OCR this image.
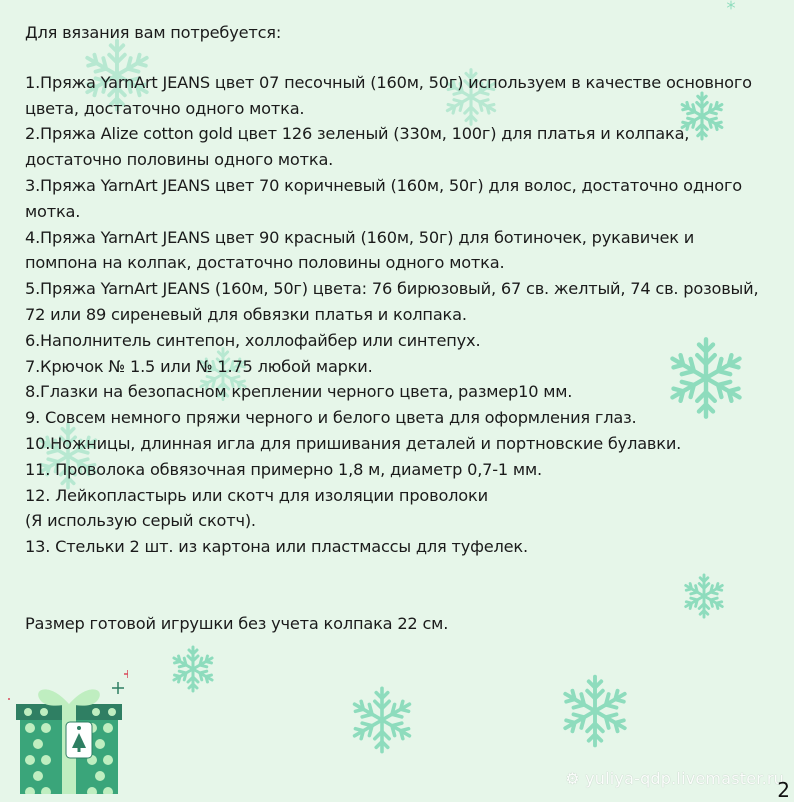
Для вязания вам потребуется:

1.Пряжа YarnArt JEANS цвет 07 песочный (160м, 50г) используем в качестве основного цвета, достаточно одного мотка.

2.Пряжа Alize cotton gold цвет 126 зеленый (330м, 100г) для платья и колпака, достаточно половины одного мотка.

3.Пряжа YarnArt JEANS цвет 70 коричневый (160м, 50г) для волос, достаточно одного мотка.

4.Пряжа YarnArt JEANS цвет 90 красный (160м, 50г) для ботиночек, рукавичек и помпона на колпак, достаточно половины одного мотка.

5.Пряжа YarnArt JEANS (160м, 50г) цвета: 76 бирюзовый, 67 св. желтый, 74 св. розовый, 72 или 89 сиреневый для обвязки платья и колпака.

6.Наполнитель синтепон, холлофайбер или синтепух.

7.Крючок № 1.5 или № 1.75 любой марки.

8.Глазки на безопасном креплении черного цвета, размер10 мм.

9. Совсем немного пряжи черного и белого цвета для оформления глаз.

10.Ножницы, длинная игла для пришивания деталей и портновские булавки.

11. Проволока обвязочная примерно 1,8 м, диаметр 0,7-1 мм.

12. Лейкопластырь или скотч для изоляции проволоки

(Я использую серый скотч).

13. Стельки 2 шт. из картона или пластмассы для туфелек.

Размер готовой игрушки без учета колпака 22 см.

⚙ yuliya-qdp.livemaster.ru
2
